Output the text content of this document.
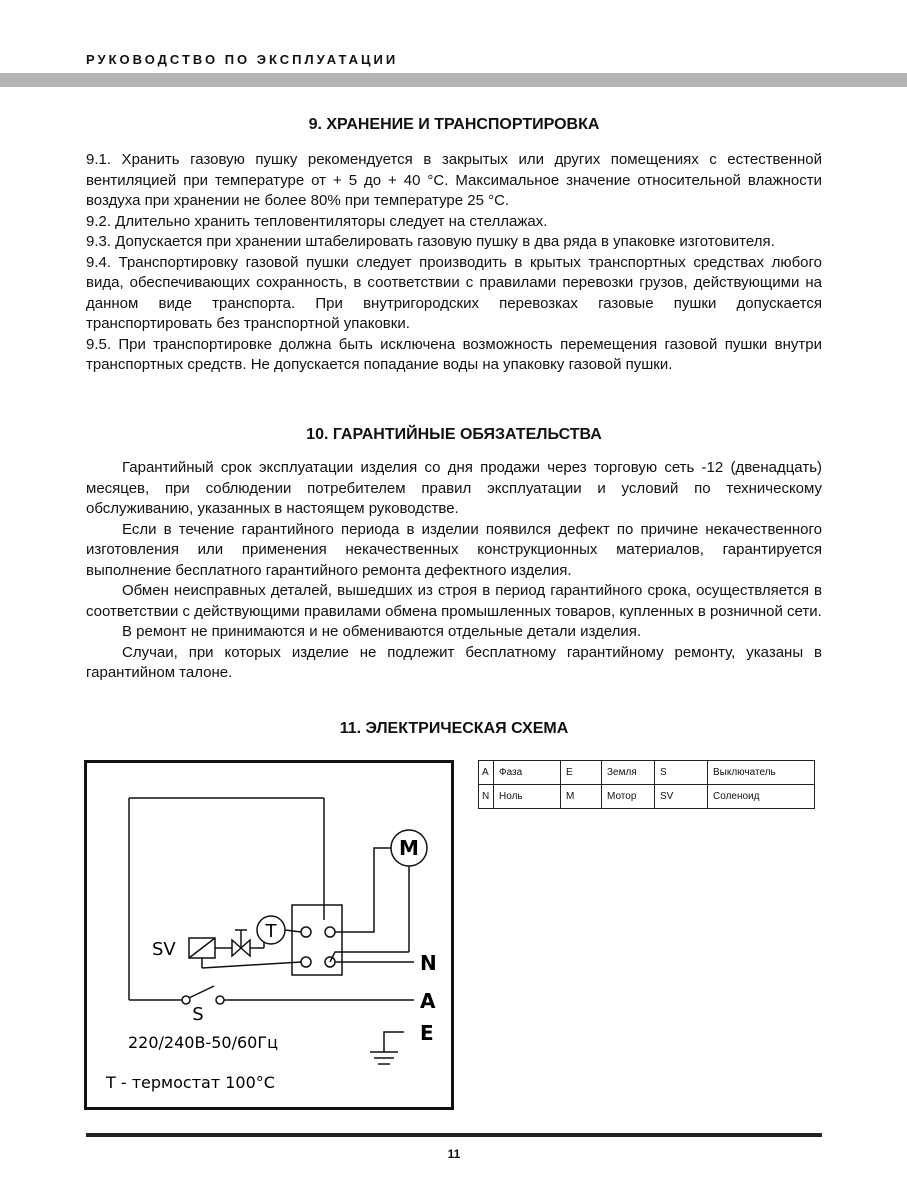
РУКОВОДСТВО ПО ЭКСПЛУАТАЦИИ
9. ХРАНЕНИЕ И ТРАНСПОРТИРОВКА

9.1. Хранить газовую пушку рекомендуется в закрытых или других помещениях с естественной вентиляцией при температуре от + 5 до + 40 °С. Максимальное значение относительной влажности воздуха при хранении не более 80% при температуре 25 °С.

9.2. Длительно хранить тепловентиляторы следует на стеллажах.

9.3. Допускается при хранении штабелировать газовую пушку в два ряда в упаковке изготовителя.

9.4. Транспортировку газовой пушки следует производить в крытых транспортных средствах любого вида, обеспечивающих сохранность, в соответствии с правилами перевозки грузов, действующими на данном виде транспорта. При внутригородских перевозках газовые пушки допускается транспортировать без транспортной упаковки.

9.5. При транспортировке должна быть исключена возможность перемещения газовой пушки внутри транспортных средств. Не допускается попадание воды на упаковку газовой пушки.

10. ГАРАНТИЙНЫЕ ОБЯЗАТЕЛЬСТВА

Гарантийный срок эксплуатации изделия со дня продажи через торговую сеть -12 (двенадцать) месяцев, при соблюдении потребителем правил эксплуатации и условий по техническому обслуживанию, указанных в настоящем руководстве.

Если в течение гарантийного периода в изделии появился дефект по причине некачественного изготовления или применения некачественных конструкционных материалов, гарантируется выполнение бесплатного гарантийного ремонта дефектного изделия.

Обмен неисправных деталей, вышедших из строя в период гарантийного срока, осуществляется в соответствии с действующими правилами обмена промышленных товаров, купленных в розничной сети.

В ремонт не принимаются и не обмениваются отдельные детали изделия.

Случаи, при которых изделие не подлежит бесплатному гарантийному ремонту, указаны в гарантийном талоне.

11. ЭЛЕКТРИЧЕСКАЯ СХЕМА
M
T
SV
S
N
A
E
220/240В-50/60Гц
Т - термостат 100°С
A	Фаза	E	Земля	S	Выключатель
N	Ноль	M	Мотор	SV	Соленоид
11
